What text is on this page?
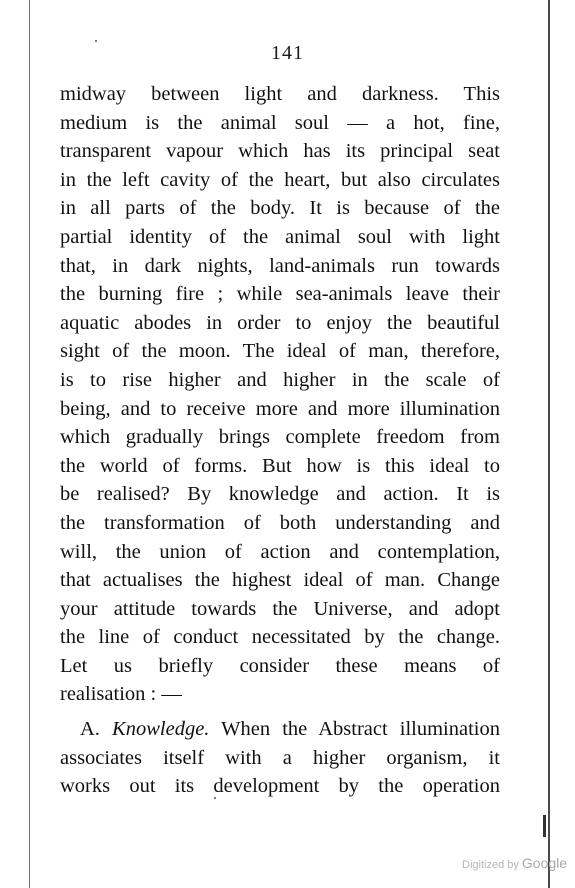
141
midway between light and darkness. This
medium is the animal soul — a hot, fine,
transparent vapour which has its principal seat
in the left cavity of the heart, but also circulates
in all parts of the body. It is because of the
partial identity of the animal soul with light
that, in dark nights, land-animals run towards
the burning fire ; while sea-animals leave their
aquatic abodes in order to enjoy the beautiful
sight of the moon. The ideal of man, therefore,
is to rise higher and higher in the scale of
being, and to receive more and more illumination
which gradually brings complete freedom from
the world of forms. But how is this ideal to
be realised? By knowledge and action. It is
the transformation of both understanding and
will, the union of action and contemplation,
that actualises the highest ideal of man. Change
your attitude towards the Universe, and adopt
the line of conduct necessitated by the change.
Let us briefly consider these means of
realisation : —
A. Knowledge. When the Abstract illumination
associates itself with a higher organism, it
works out its development by the operation
Digitized by Google
